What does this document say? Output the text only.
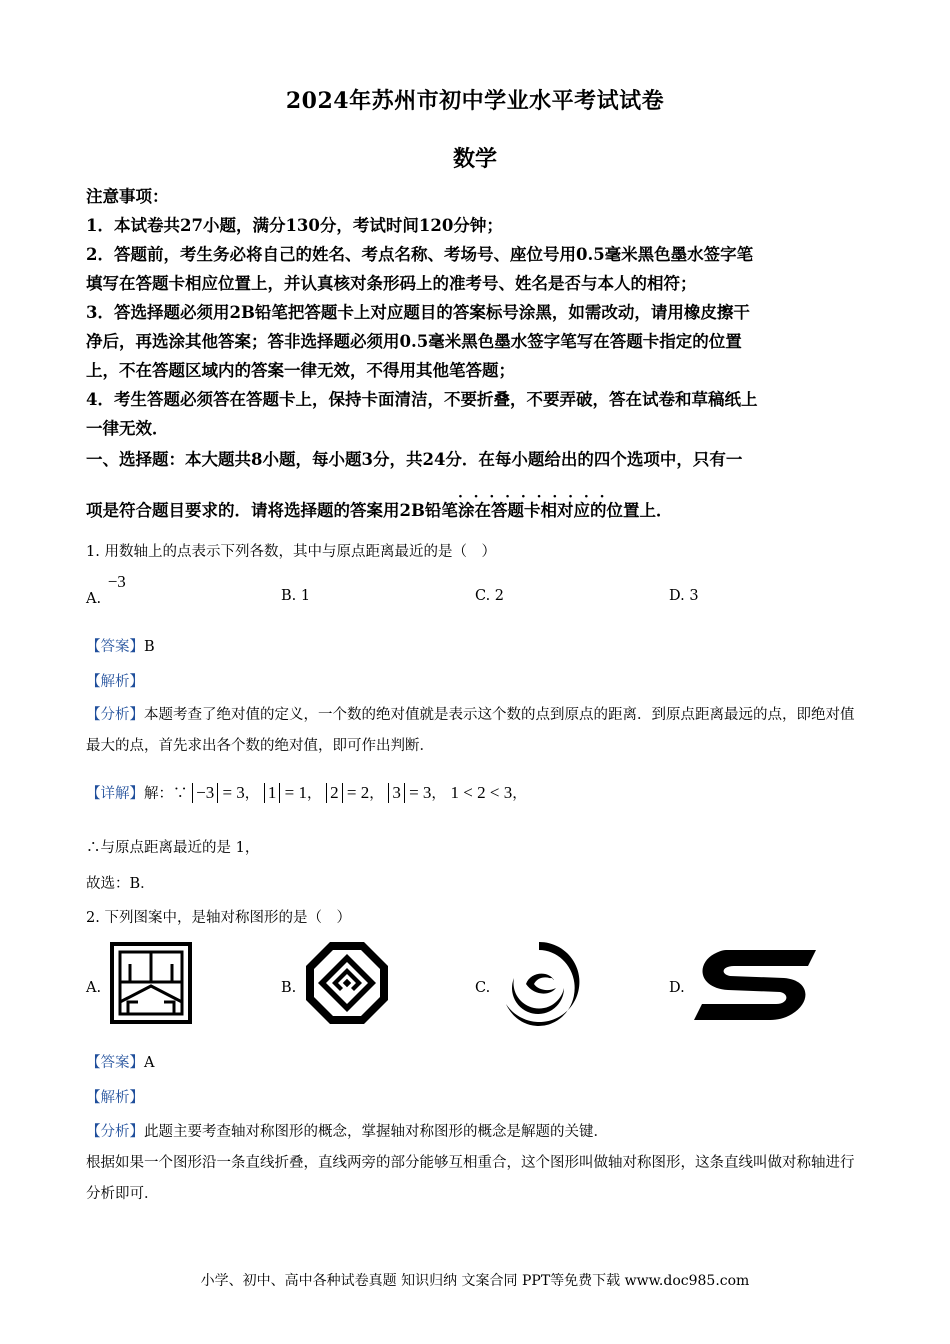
2024年苏州市初中学业水平考试试卷
数学
注意事项：
1．本试卷共27小题，满分130分，考试时间120分钟；
2．答题前，考生务必将自己的姓名、考点名称、考场号、座位号用0.5毫米黑色墨水签字笔
填写在答题卡相应位置上，并认真核对条形码上的准考号、姓名是否与本人的相符；
3．答选择题必须用2B铅笔把答题卡上对应题目的答案标号涂黑，如需改动，请用橡皮擦干
净后，再选涂其他答案；答非选择题必须用0.5毫米黑色墨水签字笔写在答题卡指定的位置
上，不在答题区域内的答案一律无效，不得用其他笔答题；
4．考生答题必须答在答题卡上，保持卡面清洁，不要折叠，不要弄破，答在试卷和草稿纸上
一律无效．
一、选择题：本大题共8小题，每小题3分，共24分．在每小题给出的四个选项中，只有一
项是符合题目要求的．请将选择题的答案用2B铅笔· · · 涂在答题卡相对应的位置上．
1. 用数轴上的点表示下列各数，其中与原点距离最近的是（　）
A. −3
B. 1	C. 2	D. 3
【答案】B
【解析】
【分析】本题考查了绝对值的定义，一个数的绝对值就是表示这个数的点到原点的距离．到原点距离最远的点，即绝对值最大的点，首先求出各个数的绝对值，即可作出判断．
【详解】解：∵ −3 = 3， 1 = 1， 2 = 2， 3 = 3， 1 < 2 < 3，
∴与原点距离最近的是 1，
故选：B．
2. 下列图案中，是轴对称图形的是（　）
A.	B.	C.	D.
【答案】A
【解析】
【分析】此题主要考查轴对称图形的概念，掌握轴对称图形的概念是解题的关键．
根据如果一个图形沿一条直线折叠，直线两旁的部分能够互相重合，这个图形叫做轴对称图形，这条直线叫做对称轴进行分析即可．
小学、初中、高中各种试卷真题 知识归纳 文案合同 PPT等免费下载 www.doc985.com
